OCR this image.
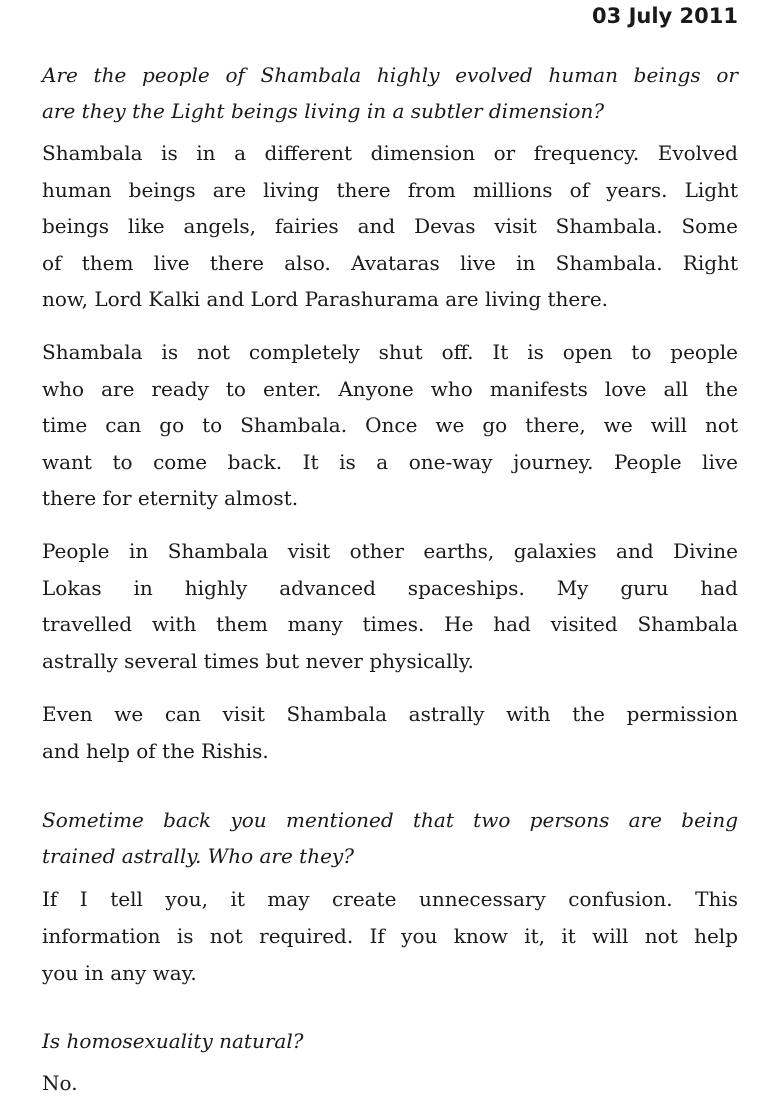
03 July 2011
Are the people of Shambala highly evolved human beings or
are they the Light beings living in a subtler dimension?
Shambala is in a different dimension or frequency. Evolved
human beings are living there from millions of years. Light
beings like angels, fairies and Devas visit Shambala. Some
of them live there also. Avataras live in Shambala. Right
now, Lord Kalki and Lord Parashurama are living there.
Shambala is not completely shut off. It is open to people
who are ready to enter. Anyone who manifests love all the
time can go to Shambala. Once we go there, we will not
want to come back. It is a one-way journey. People live
there for eternity almost.
People in Shambala visit other earths, galaxies and Divine
Lokas in highly advanced spaceships. My guru had
travelled with them many times. He had visited Shambala
astrally several times but never physically.
Even we can visit Shambala astrally with the permission
and help of the Rishis.
Sometime back you mentioned that two persons are being
trained astrally. Who are they?
If I tell you, it may create unnecessary confusion. This
information is not required. If you know it, it will not help
you in any way.
Is homosexuality natural?
No.
